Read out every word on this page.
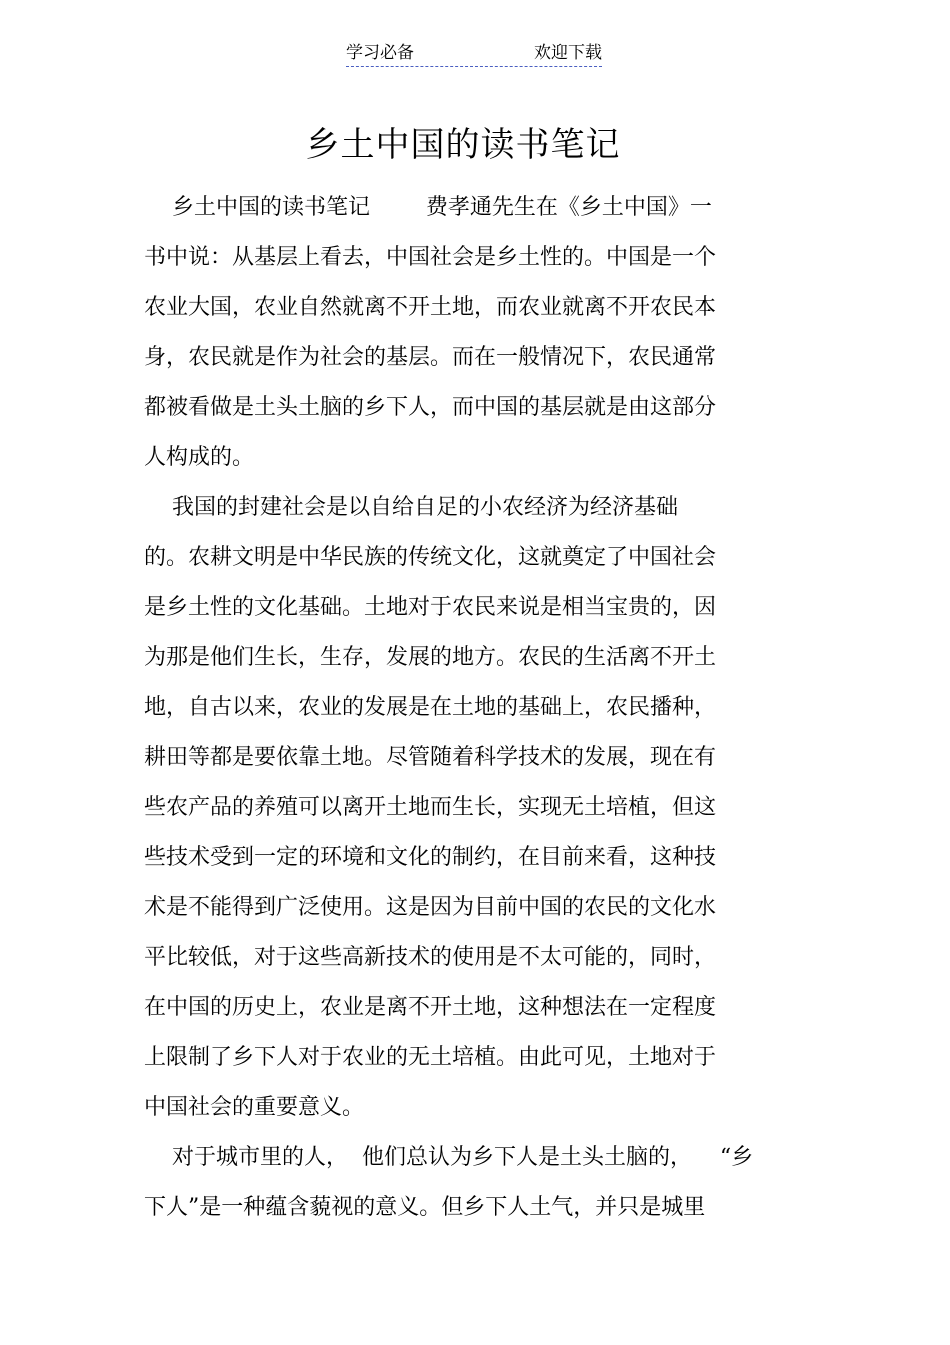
学习必备	欢迎下载
乡土中国的读书笔记
乡土中国的读书笔记        费孝通先生在《乡土中国》一
书中说：从基层上看去，中国社会是乡土性的。中国是一个
农业大国，农业自然就离不开土地，而农业就离不开农民本
身，农民就是作为社会的基层。而在一般情况下，农民通常
都被看做是土头土脑的乡下人，而中国的基层就是由这部分
人构成的。
我国的封建社会是以自给自足的小农经济为经济基础
的。农耕文明是中华民族的传统文化，这就奠定了中国社会
是乡土性的文化基础。土地对于农民来说是相当宝贵的，因
为那是他们生长，生存，发展的地方。农民的生活离不开土
地，自古以来，农业的发展是在土地的基础上，农民播种，
耕田等都是要依靠土地。尽管随着科学技术的发展，现在有
些农产品的养殖可以离开土地而生长，实现无土培植，但这
些技术受到一定的环境和文化的制约，在目前来看，这种技
术是不能得到广泛使用。这是因为目前中国的农民的文化水
平比较低，对于这些高新技术的使用是不太可能的，同时，
在中国的历史上，农业是离不开土地，这种想法在一定程度
上限制了乡下人对于农业的无土培植。由此可见，土地对于
中国社会的重要意义。
对于城市里的人，  他们总认为乡下人是土头土脑的，    “乡
下人”是一种蕴含藐视的意义。但乡下人土气，并只是城里
